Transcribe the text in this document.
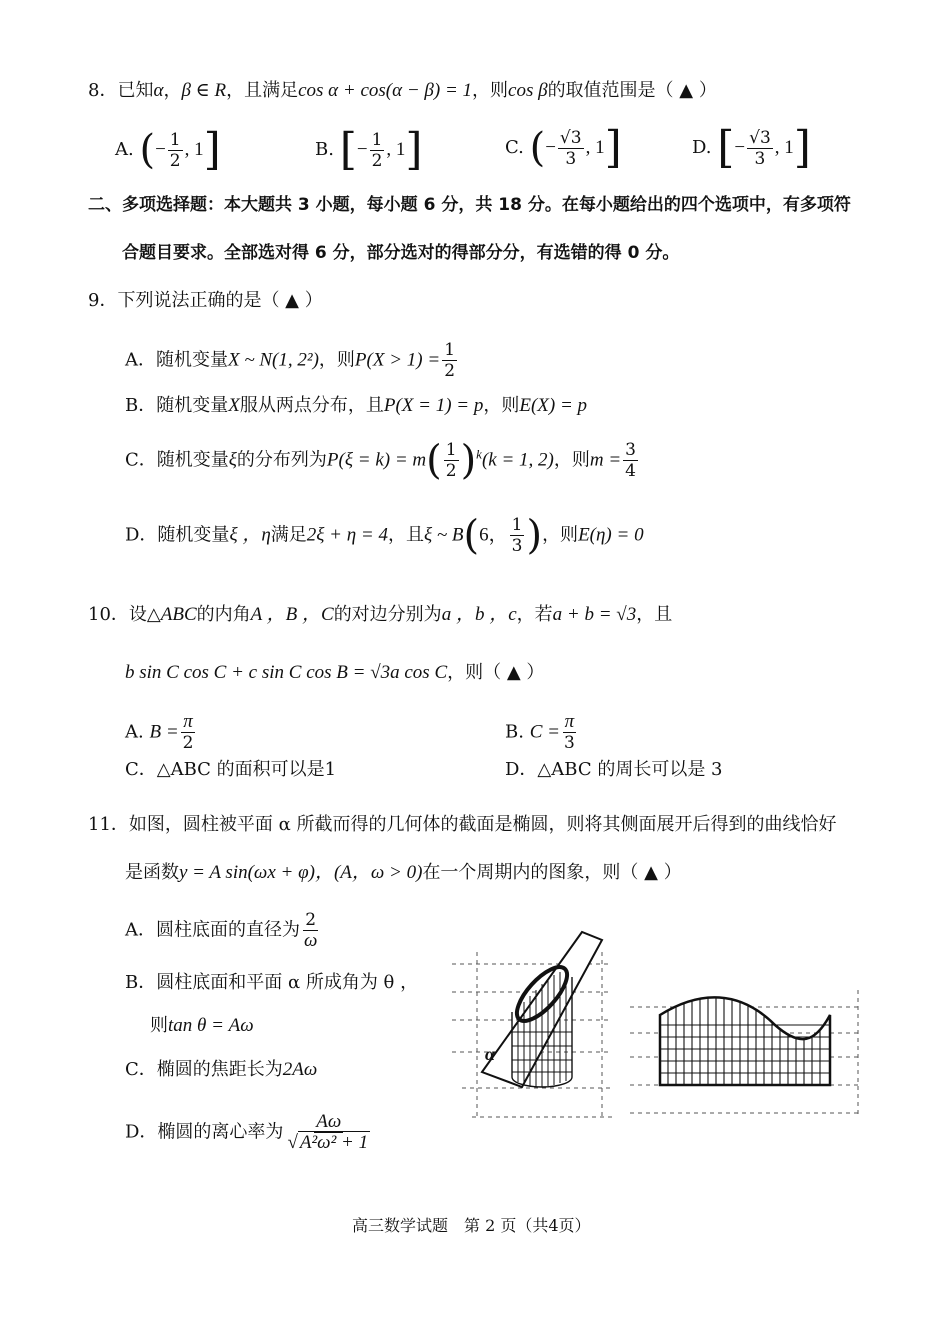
8．已知α，β ∈ R，且满足cos α + cos(α − β) = 1，则cos β的取值范围是（ ▲ ）
A. (− $\frac{1}{2}$ , 1]	B. [− $\frac{1}{2}$ , 1]	C. (− $\frac{√3}{3}$ , 1]	D. [− $\frac{√3}{3}$ , 1]
二、多项选择题：本大题共 3 小题，每小题 6 分，共 18 分。在每小题给出的四个选项中，有多项符
合题目要求。全部选对得 6 分，部分选对的得部分分，有选错的得 0 分。
9．下列说法正确的是（ ▲ ）
A．随机变量X ~ N(1, 2²)，则$P(X > 1) = \frac{1}{2}$
B．随机变量X服从两点分布，且P(X = 1) = p，则E(X) = p
C．随机变量ξ的分布列为$P(\xi = k) = m( \frac{1}{2} )^k(k = 1$, 2)，则$m = \frac{3}{4}$
D．随机变量ξ ，η满足2ξ + η = 4，且ξ ~ B(6， $\frac{1}{3}$ )，则E(η) = 0
10．设△ABC的内角A ，B ，C的对边分别为a ，b ，c，若a + b = √3，且
b sin C cos C + c sin C cos B = √3a cos C，则（ ▲ ）
A. $B = \frac{\pi}{2}$	B. $C = \frac{\pi}{3}$
C．△ABC 的面积可以是1	D．△ABC 的周长可以是 3
11．如图，圆柱被平面 α 所截而得的几何体的截面是椭圆，则将其侧面展开后得到的曲线恰好
是函数y = A sin(ωx + φ)，(A，ω > 0)在一个周期内的图象，则（ ▲ ）
A．圆柱底面的直径为 $\frac{2}{\omega}$
B．圆柱底面和平面 α 所成角为 θ ，
则tan θ = Aω
C．椭圆的焦距长为2Aω
D．椭圆的离心率为 $\frac{A\omega}{\text{√ A²ω² + 1}}$
α
高三数学试题　第 2 页（共4页）
